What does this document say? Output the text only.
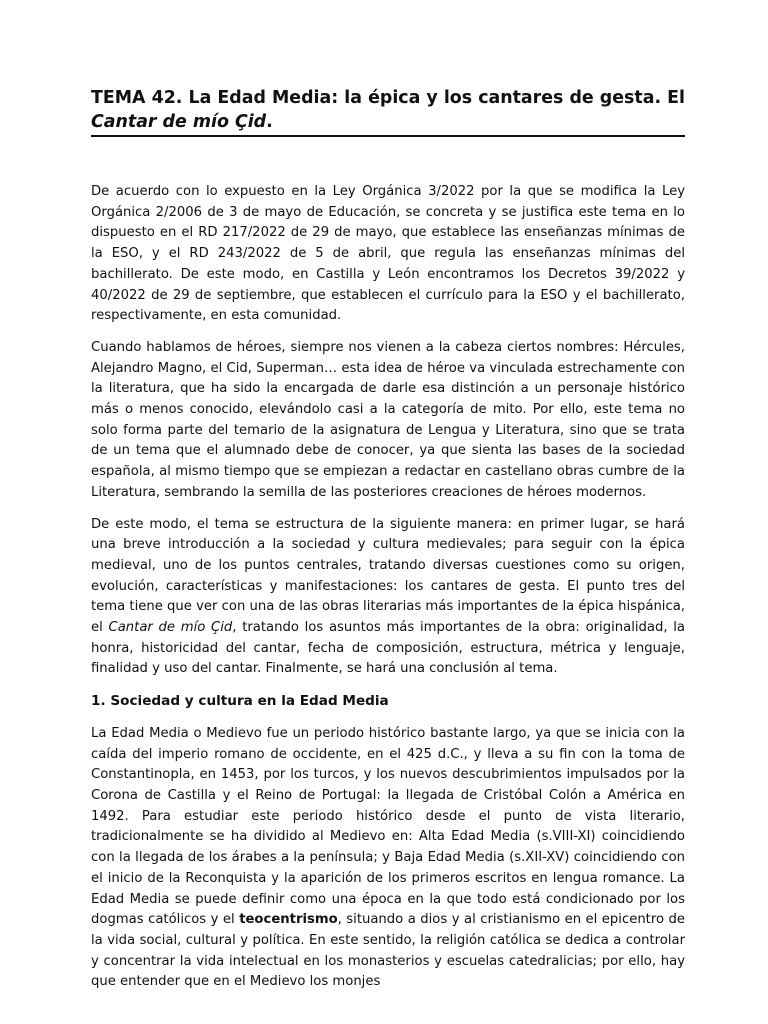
TEMA 42. La Edad Media: la épica y los cantares de gesta. El Cantar de mío Çid.

De acuerdo con lo expuesto en la Ley Orgánica 3/2022 por la que se modifica la Ley Orgánica 2/2006 de 3 de mayo de Educación, se concreta y se justifica este tema en lo dispuesto en el RD 217/2022 de 29 de mayo, que establece las enseñanzas mínimas de la ESO, y el RD 243/2022 de 5 de abril, que regula las enseñanzas mínimas del bachillerato. De este modo, en Castilla y León encontramos los Decretos 39/2022 y 40/2022 de 29 de septiembre, que establecen el currículo para la ESO y el bachillerato, respectivamente, en esta comunidad.

Cuando hablamos de héroes, siempre nos vienen a la cabeza ciertos nombres: Hércules, Alejandro Magno, el Cid, Superman… esta idea de héroe va vinculada estrechamente con la literatura, que ha sido la encargada de darle esa distinción a un personaje histórico más o menos conocido, elevándolo casi a la categoría de mito. Por ello, este tema no solo forma parte del temario de la asignatura de Lengua y Literatura, sino que se trata de un tema que el alumnado debe de conocer, ya que sienta las bases de la sociedad española, al mismo tiempo que se empiezan a redactar en castellano obras cumbre de la Literatura, sembrando la semilla de las posteriores creaciones de héroes modernos.

De este modo, el tema se estructura de la siguiente manera: en primer lugar, se hará una breve introducción a la sociedad y cultura medievales; para seguir con la épica medieval, uno de los puntos centrales, tratando diversas cuestiones como su origen, evolución, características y manifestaciones: los cantares de gesta. El punto tres del tema tiene que ver con una de las obras literarias más importantes de la épica hispánica, el Cantar de mío Çid, tratando los asuntos más importantes de la obra: originalidad, la honra, historicidad del cantar, fecha de composición, estructura, métrica y lenguaje, finalidad y uso del cantar. Finalmente, se hará una conclusión al tema.

1. Sociedad y cultura en la Edad Media

La Edad Media o Medievo fue un periodo histórico bastante largo, ya que se inicia con la caída del imperio romano de occidente, en el 425 d.C., y lleva a su fin con la toma de Constantinopla, en 1453, por los turcos, y los nuevos descubrimientos impulsados por la Corona de Castilla y el Reino de Portugal: la llegada de Cristóbal Colón a América en 1492. Para estudiar este periodo histórico desde el punto de vista literario, tradicionalmente se ha dividido al Medievo en: Alta Edad Media (s.VIII-XI) coincidiendo con la llegada de los árabes a la península; y Baja Edad Media (s.XII-XV) coincidiendo con el inicio de la Reconquista y la aparición de los primeros escritos en lengua romance. La Edad Media se puede definir como una época en la que todo está condicionado por los dogmas católicos y el teocentrismo, situando a dios y al cristianismo en el epicentro de la vida social, cultural y política. En este sentido, la religión católica se dedica a controlar y concentrar la vida intelectual en los monasterios y escuelas catedralicias; por ello, hay que entender que en el Medievo los monjes
